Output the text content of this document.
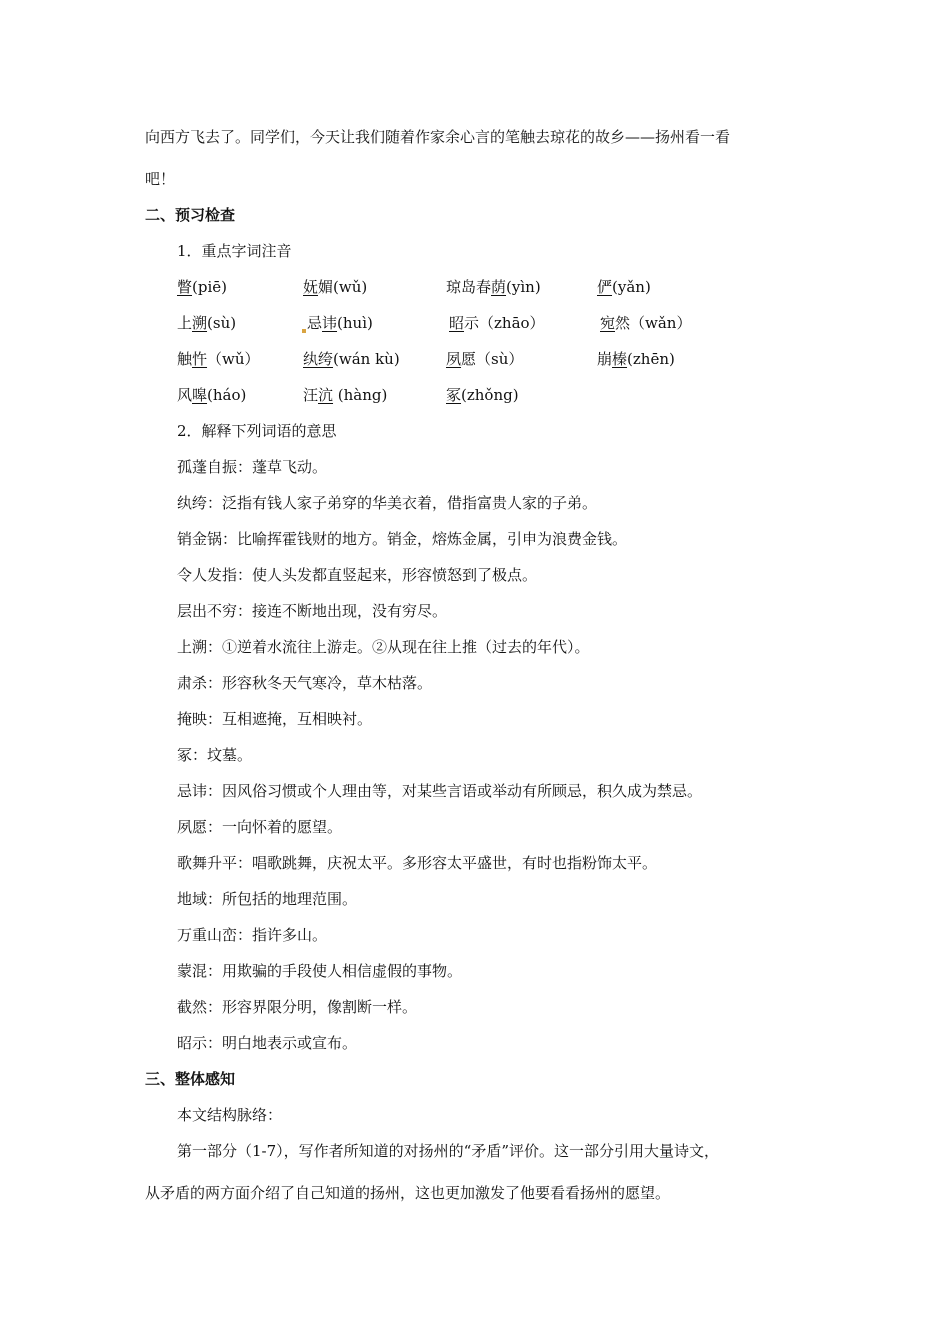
向西方飞去了。同学们，今天让我们随着作家余心言的笔触去琼花的故乡——扬州看一看
吧！
二、预习检查
1．重点字词注音
瞥(piē)	妩媚(wǔ)	琼岛春荫(yìn)	俨(yǎn)
上溯(sù)	忌讳(huì)	昭示（zhāo）	宛然（wǎn）
触忤（wǔ）	纨绔(wán kù)	夙愿（sù）	崩榛(zhēn)
风嗥(háo)	汪沆 (hàng)	冢(zhǒng)
2．解释下列词语的意思
孤蓬自振：蓬草飞动。
纨绔：泛指有钱人家子弟穿的华美衣着，借指富贵人家的子弟。
销金锅：比喻挥霍钱财的地方。销金，熔炼金属，引申为浪费金钱。
令人发指：使人头发都直竖起来，形容愤怒到了极点。
层出不穷：接连不断地出现，没有穷尽。
上溯：①逆着水流往上游走。②从现在往上推（过去的年代）。
肃杀：形容秋冬天气寒冷，草木枯落。
掩映：互相遮掩，互相映衬。
冢：坟墓。
忌讳：因风俗习惯或个人理由等，对某些言语或举动有所顾忌，积久成为禁忌。
夙愿：一向怀着的愿望。
歌舞升平：唱歌跳舞，庆祝太平。多形容太平盛世，有时也指粉饰太平。
地域：所包括的地理范围。
万重山峦：指许多山。
蒙混：用欺骗的手段使人相信虚假的事物。
截然：形容界限分明，像割断一样。
昭示：明白地表示或宣布。
三、整体感知
本文结构脉络：
第一部分（1-7），写作者所知道的对扬州的“矛盾”评价。这一部分引用大量诗文，
从矛盾的两方面介绍了自己知道的扬州，这也更加激发了他要看看扬州的愿望。
